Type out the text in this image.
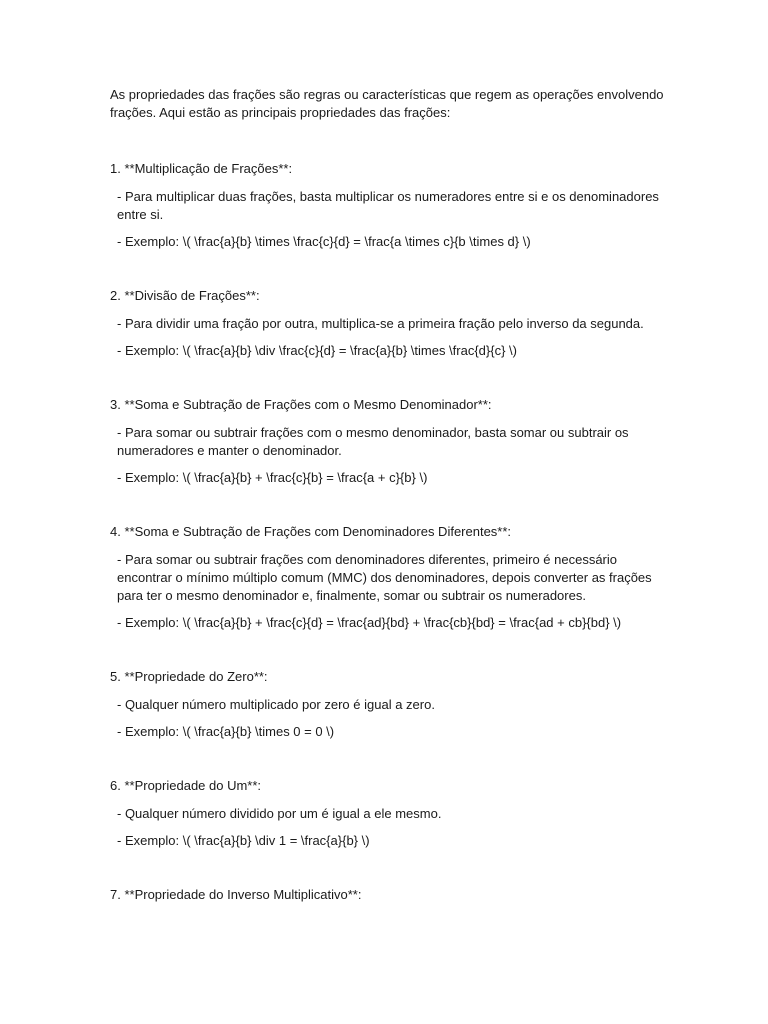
As propriedades das frações são regras ou características que regem as operações envolvendo frações. Aqui estão as principais propriedades das frações:

1. **Multiplicação de Frações**:

- Para multiplicar duas frações, basta multiplicar os numeradores entre si e os denominadores entre si.

- Exemplo: \( \frac{a}{b} \times \frac{c}{d} = \frac{a \times c}{b \times d} \)

2. **Divisão de Frações**:

- Para dividir uma fração por outra, multiplica-se a primeira fração pelo inverso da segunda.

- Exemplo: \( \frac{a}{b} \div \frac{c}{d} = \frac{a}{b} \times \frac{d}{c} \)

3. **Soma e Subtração de Frações com o Mesmo Denominador**:

- Para somar ou subtrair frações com o mesmo denominador, basta somar ou subtrair os numeradores e manter o denominador.

- Exemplo: \( \frac{a}{b} + \frac{c}{b} = \frac{a + c}{b} \)

4. **Soma e Subtração de Frações com Denominadores Diferentes**:

- Para somar ou subtrair frações com denominadores diferentes, primeiro é necessário encontrar o mínimo múltiplo comum (MMC) dos denominadores, depois converter as frações para ter o mesmo denominador e, finalmente, somar ou subtrair os numeradores.

- Exemplo: \( \frac{a}{b} + \frac{c}{d} = \frac{ad}{bd} + \frac{cb}{bd} = \frac{ad + cb}{bd} \)

5. **Propriedade do Zero**:

- Qualquer número multiplicado por zero é igual a zero.

- Exemplo: \( \frac{a}{b} \times 0 = 0 \)

6. **Propriedade do Um**:

- Qualquer número dividido por um é igual a ele mesmo.

- Exemplo: \( \frac{a}{b} \div 1 = \frac{a}{b} \)

7. **Propriedade do Inverso Multiplicativo**:
